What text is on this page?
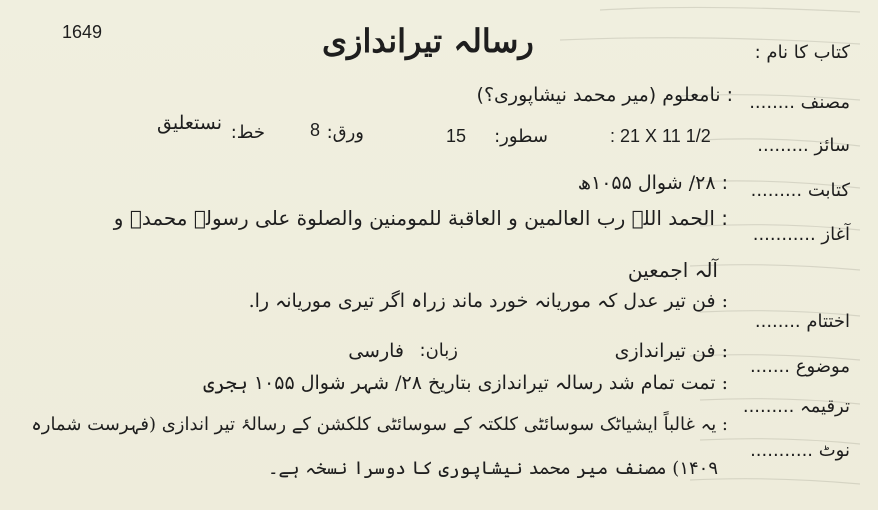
1649	رسالہ تیراندازی	کتاب کا نام :
مصنف ........
: نامعلوم (میر محمد نیشاپوری؟)
سائز .........
: 21 X 11 1/2
سطور:
15
ورق:
8
خط:
نستعلیق
کتابت .........
: ۲۸/ شوال ۱۰۵۵ھ
آغاز ...........
: الحمد اللہ رب العالمین و العاقبة للمومنین والصلوة علی رسولہ محمدؐ و
آلہ اجمعین
اختتام ........
: فن تیر عدل کہ موریانہ خورد ماند زراہ اگر تیری موریانہ را.
موضوع .......
: فن تیراندازی
زبان:
فارسی
ترقیمہ .........
: تمت تمام شد رسالہ تیراندازی بتاریخ ۲۸/ شہر شوال ۱۰۵۵ ہجری
نوٹ ...........
: یہ غالباً ایشیاٹک سوسائٹی کلکتہ کے سوسائٹی کلکشن کے رسالۂ تیر اندازی (فہرست شمارہ
۱۴۰۹) مصنف میر محمد نیشاپوری کا دوسرا نسخہ ہے۔
